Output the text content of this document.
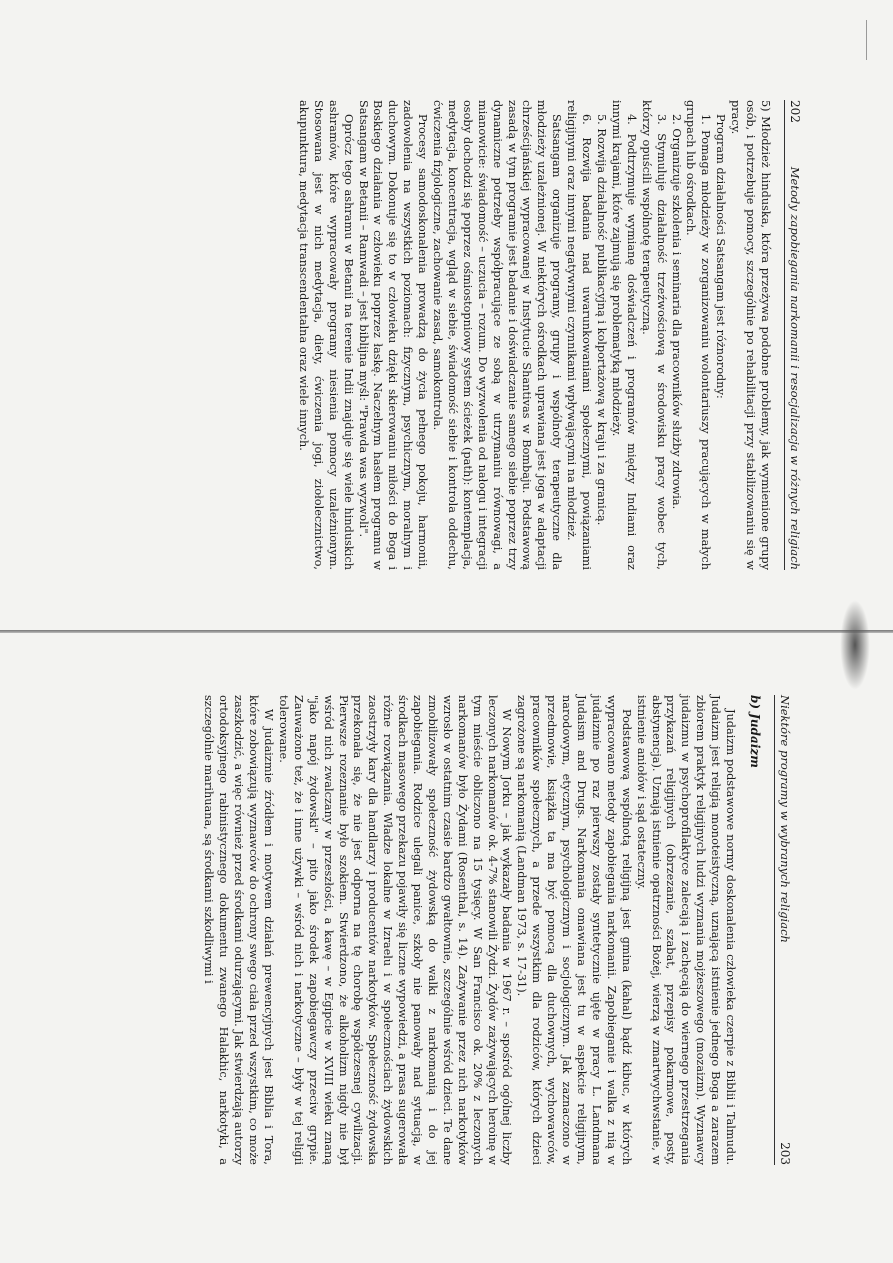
202
Metody zapobiegania narkomanii i resocjalizacja w różnych religiach

5) Młodzież hinduska, która przeżywa podobne problemy, jak wymienione grupy osób, i potrzebuje pomocy, szczególnie po rehabilitacji przy stabilizowaniu się w pracy.

Program działalności Satsangam jest różnorodny:

1. Pomaga młodzieży w zorganizowaniu wolontariuszy pracujących w małych grupach lub ośrodkach.

2. Organizuje szkolenia i seminaria dla pracowników służby zdrowia.

3. Stymuluje działalność trzeźwościową w środowisku pracy wobec tych, którzy opuścili wspólnotę terapeutyczną.

4. Podtrzymuje wymianę doświadczeń i programów między Indiami oraz innymi krajami, które zajmują się problematyką młodzieży.

5. Rozwija działalność publikacyjną i kolportażową w kraju i za granicą.

6. Rozwija badania nad uwarunkowaniami społecznymi, powiązaniami religijnymi oraz innymi negatywnymi czynnikami wpływającymi na młodzież.

Satsangam organizuje programy, grupy i wspólnoty terapeutyczne dla młodzieży uzależnionej. W niektórych ośrodkach uprawiana jest joga w adaptacji chrześcijańskiej wypracowanej w Instytucie Shantivas w Bombaju. Podstawową zasadą w tym programie jest badanie i doświadczanie samego siebie poprzez trzy dynamiczne potrzeby współpracujące ze sobą w utrzymaniu równowagi, a mianowicie: świadomość – uczucia – rozum. Do wyzwolenia od nałogu i integracji osoby dochodzi się poprzez ośmiostopniowy system ścieżek (path): kontemplacja, medytacja, koncentracja, wgląd w siebie, świadomość siebie i kontrola oddechu, ćwiczenia fizjologiczne, zachowanie zasad, samokontrola.

Procesy samodoskonalenia prowadzą do życia pełnego pokoju, harmonii, zadowolenia na wszystkich poziomach: fizycznym, psychicznym, moralnym i duchowym. Dokonuje się to w człowieku dzięki skierowaniu miłości do Boga i Boskiego działania w człowieku poprzez łaskę. Naczelnym hasłem programu w Satsangam w Betanii – Ramwadi – jest biblijna myśl: "Prawda was wyzwoli".

Oprócz tego ashramu w Betanii na terenie Indii znajduje się wiele hinduskich ashramów, które wypracowały programy niesienia pomocy uzależnionym. Stosowana jest w nich medytacja, diety, ćwiczenia jogi, ziołolecznictwo, akupunktura, medytacja transcendentalna oraz wiele innych.

Niektóre programy w wybranych religiach
203
b) Judaizm

Judaizm podstawowe normy doskonalenia człowieka czerpie z Biblii i Talmudu. Judaizm jest religią monoteistyczną, uznającą istnienie jednego Boga a zarazem zbiorem praktyk religijnych ludzi wyznania mojżeszowego (mozaizm). Wyznawcy judaizmu w psychoprofilaktyce zalecają i zachęcają do wiernego przestrzegania przykazań religijnych (obrzezanie, szabat, przepisy pokarmowe, posty, abstynencja). Uznają istnienie opatrzności Bożej, wierzą w zmartwychwstanie, w istnienie aniołów i sąd ostateczny.

Podstawową wspólnotą religijną jest gmina (kahal) bądź kibuc, w których wypracowano metody zapobiegania narkomanii. Zapobieganie i walka z nią w judaizmie po raz pierwszy zostały syntetycznie ujęte w pracy L. Landmana Judaism and Drugs. Narkomania omawiana jest tu w aspekcie religijnym, narodowym, etycznym, psychologicznym i socjologicznym. Jak zaznaczono w przedmowie, książka ta ma być pomocą dla duchownych, wychowawców, pracowników społecznych, a przede wszystkim dla rodziców, których dzieci zagrożone są narkomanią (Landman 1973, s. 17-31).

W Nowym Jorku – jak wykazały badania w 1967 r. – spośród ogólnej liczby leczonych narkomanów ok. 4-7% stanowili Żydzi. Żydów zażywających heroinę w tym mieście obliczono na 15 tysięcy. W San Francisco ok. 20% z leczonych narkomanów było Żydami (Rosenthal, s. 14). Zażywanie przez nich narkotyków wzrosło w ostatnim czasie bardzo gwałtownie, szczególnie wśród dzieci. Te dane zmobilizowały społeczność żydowską do walki z narkomanią i do jej zapobiegania. Rodzice ulegali panice, szkoły nie panowały nad sytuacją, w środkach masowego przekazu pojawiły się liczne wypowiedzi, a prasa sugerowała różne rozwiązania. Władze lokalne w Izraelu i w społecznościach żydowskich zaostrzyły kary dla handlarzy i producentów narkotyków. Społeczność żydowska przekonała się, że nie jest odporna na tę chorobę współczesnej cywilizacji. Pierwsze rozeznanie było szokiem. Stwierdzono, że alkoholizm nigdy nie był wśród nich zwalczany w przeszłości, a kawę – w Egipcie w XVIII wieku znaną "jako napój żydowski" – pito jako środek zapobiegawczy przeciw grypie. Zauważono też, że i inne używki – wśród nich i narkotyczne – były w tej religii tolerowane.

W judaizmie źródłem i motywem działań prewencyjnych jest Biblia i Tora, które zobowiązują wyznawców do ochrony swego ciała przed wszystkim, co może zaszkodzić, a więc również przed środkami odurzającymi. Jak stwierdzają autorzy ortodoksyjnego rabinistycznego dokumentu zwanego Halakhic, narkotyki, a szczególnie marihuana, są środkami szkodliwymi i
